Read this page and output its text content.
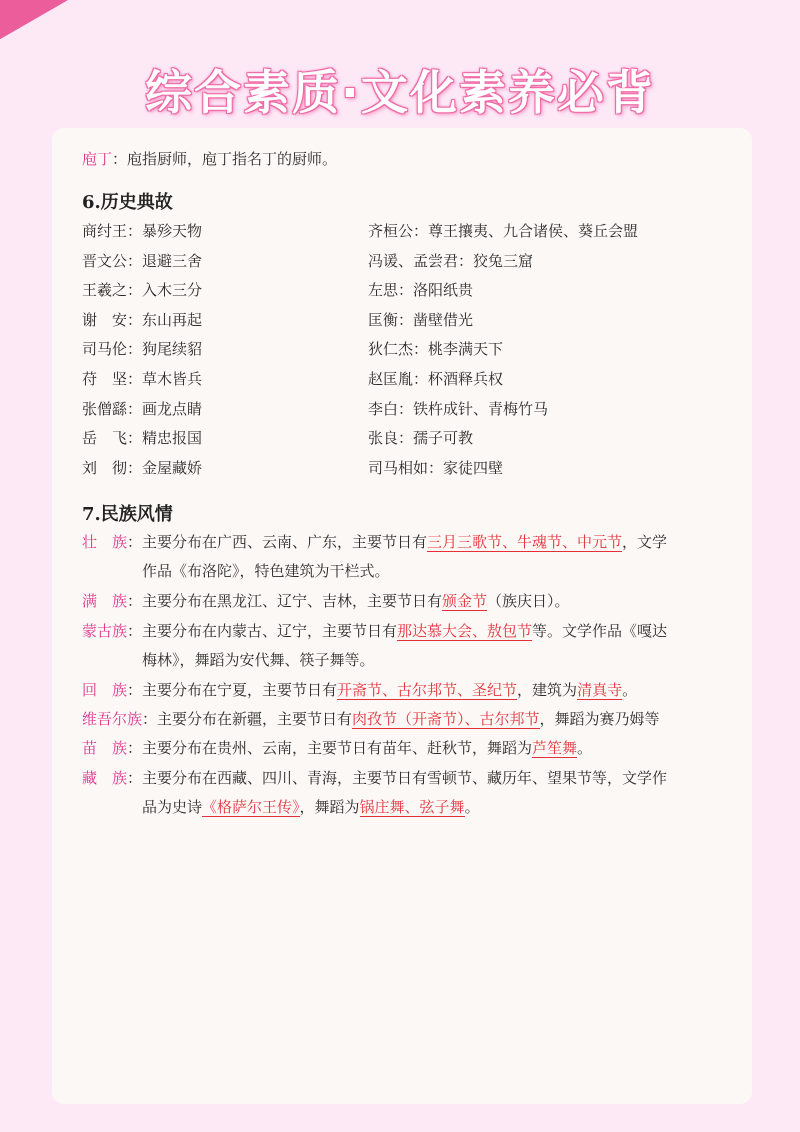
综合素质·文化素养必背
庖丁：庖指厨师，庖丁指名丁的厨师。
6.历史典故
商纣王：暴殄天物
晋文公：退避三舍
王羲之：入木三分
谢　安：东山再起
司马伦：狗尾续貂
苻　坚：草木皆兵
张僧繇：画龙点睛
岳　飞：精忠报国
刘　彻：金屋藏娇
齐桓公：尊王攘夷、九合诸侯、葵丘会盟
冯谖、孟尝君：狡兔三窟
左思：洛阳纸贵
匡衡：凿壁借光
狄仁杰：桃李满天下
赵匡胤：杯酒释兵权
李白：铁杵成针、青梅竹马
张良：孺子可教
司马相如：家徒四壁
7.民族风情
壮　族：主要分布在广西、云南、广东，主要节日有三月三歌节、牛魂节、中元节，文学
作品《布洛陀》，特色建筑为干栏式。
满　族：主要分布在黑龙江、辽宁、吉林，主要节日有颁金节（族庆日）。
蒙古族：主要分布在内蒙古、辽宁，主要节日有那达慕大会、敖包节等。文学作品《嘎达
梅林》，舞蹈为安代舞、筷子舞等。
回　族：主要分布在宁夏，主要节日有开斋节、古尔邦节、圣纪节，建筑为清真寺。
维吾尔族：主要分布在新疆，主要节日有肉孜节（开斋节）、古尔邦节，舞蹈为赛乃姆等
苗　族：主要分布在贵州、云南，主要节日有苗年、赶秋节，舞蹈为芦笙舞。
藏　族：主要分布在西藏、四川、青海，主要节日有雪顿节、藏历年、望果节等，文学作
品为史诗《格萨尔王传》，舞蹈为锅庄舞、弦子舞。
